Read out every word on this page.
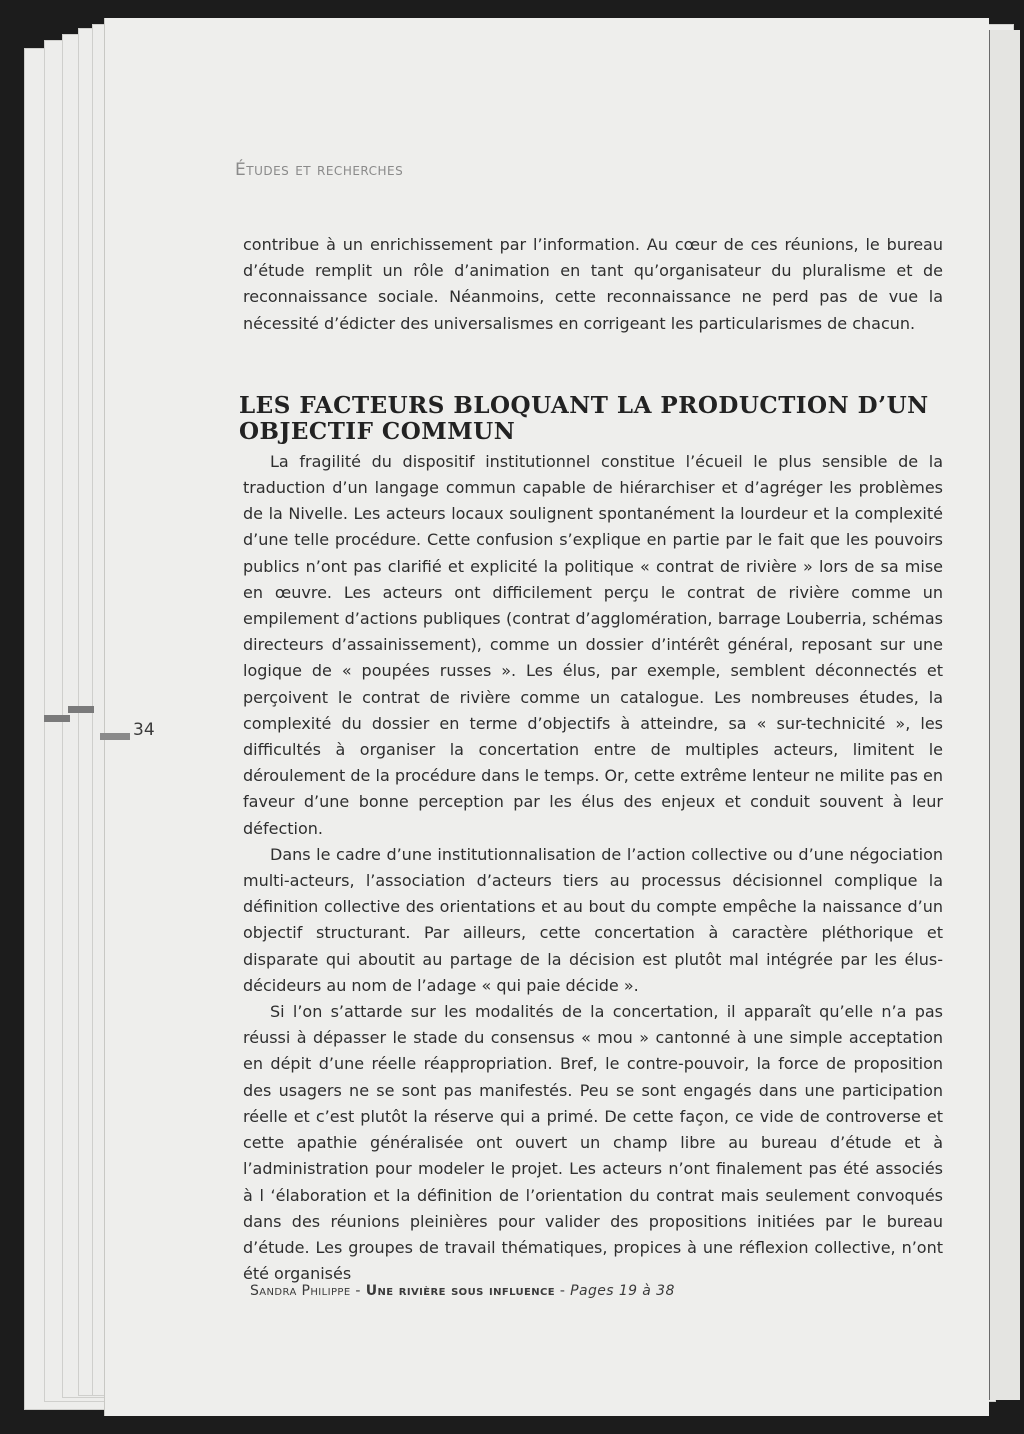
Études et recherches
34

contribue à un enrichissement par l’information. Au cœur de ces réunions, le bureau d’étude remplit un rôle d’animation en tant qu’organisateur du pluralisme et de reconnaissance sociale. Néanmoins, cette reconnaissance ne perd pas de vue la nécessité d’édicter des universalismes en corrigeant les particularismes de chacun.

LES FACTEURS BLOQUANT LA PRODUCTION D’UN OBJECTIF COMMUN

La fragilité du dispositif institutionnel constitue l’écueil le plus sensible de la traduction d’un langage commun capable de hiérarchiser et d’agréger les problèmes de la Nivelle. Les acteurs locaux soulignent spontanément la lourdeur et la complexité d’une telle procédure. Cette confusion s’explique en partie par le fait que les pouvoirs publics n’ont pas clarifié et explicité la politique « contrat de rivière » lors de sa mise en œuvre. Les acteurs ont difficilement perçu le contrat de rivière comme un empilement d’actions publiques (contrat d’agglomération, barrage Louberria, schémas directeurs d’assainissement), comme un dossier d’intérêt général, reposant sur une logique de « poupées russes ». Les élus, par exemple, semblent déconnectés et perçoivent le contrat de rivière comme un catalogue. Les nombreuses études, la complexité du dossier en terme d’objectifs à atteindre, sa « sur-technicité », les difficultés à organiser la concertation entre de multiples acteurs, limitent le déroulement de la procédure dans le temps. Or, cette extrême lenteur ne milite pas en faveur d’une bonne perception par les élus des enjeux et conduit souvent à leur défection.

Dans le cadre d’une institutionnalisation de l’action collective ou d’une négociation multi-acteurs, l’association d’acteurs tiers au processus décisionnel complique la définition collective des orientations et au bout du compte empêche la naissance d’un objectif structurant. Par ailleurs, cette concertation à caractère pléthorique et disparate qui aboutit au partage de la décision est plutôt mal intégrée par les élus-décideurs au nom de l’adage « qui paie décide ».

Si l’on s’attarde sur les modalités de la concertation, il apparaît qu’elle n’a pas réussi à dépasser le stade du consensus « mou » cantonné à une simple acceptation en dépit d’une réelle réappropriation. Bref, le contre-pouvoir, la force de proposition des usagers ne se sont pas manifestés. Peu se sont engagés dans une participation réelle et c’est plutôt la réserve qui a primé. De cette façon, ce vide de controverse et cette apathie généralisée ont ouvert un champ libre au bureau d’étude et à l’administration pour modeler le projet. Les acteurs n’ont finalement pas été associés à l ‘élaboration et la définition de l’orientation du contrat mais seulement convoqués dans des réunions pleinières pour valider des propositions initiées par le bureau d’étude. Les groupes de travail thématiques, propices à une réflexion collective, n’ont été organisés

Sandra Philippe - Une rivière sous influence - Pages 19 à 38
